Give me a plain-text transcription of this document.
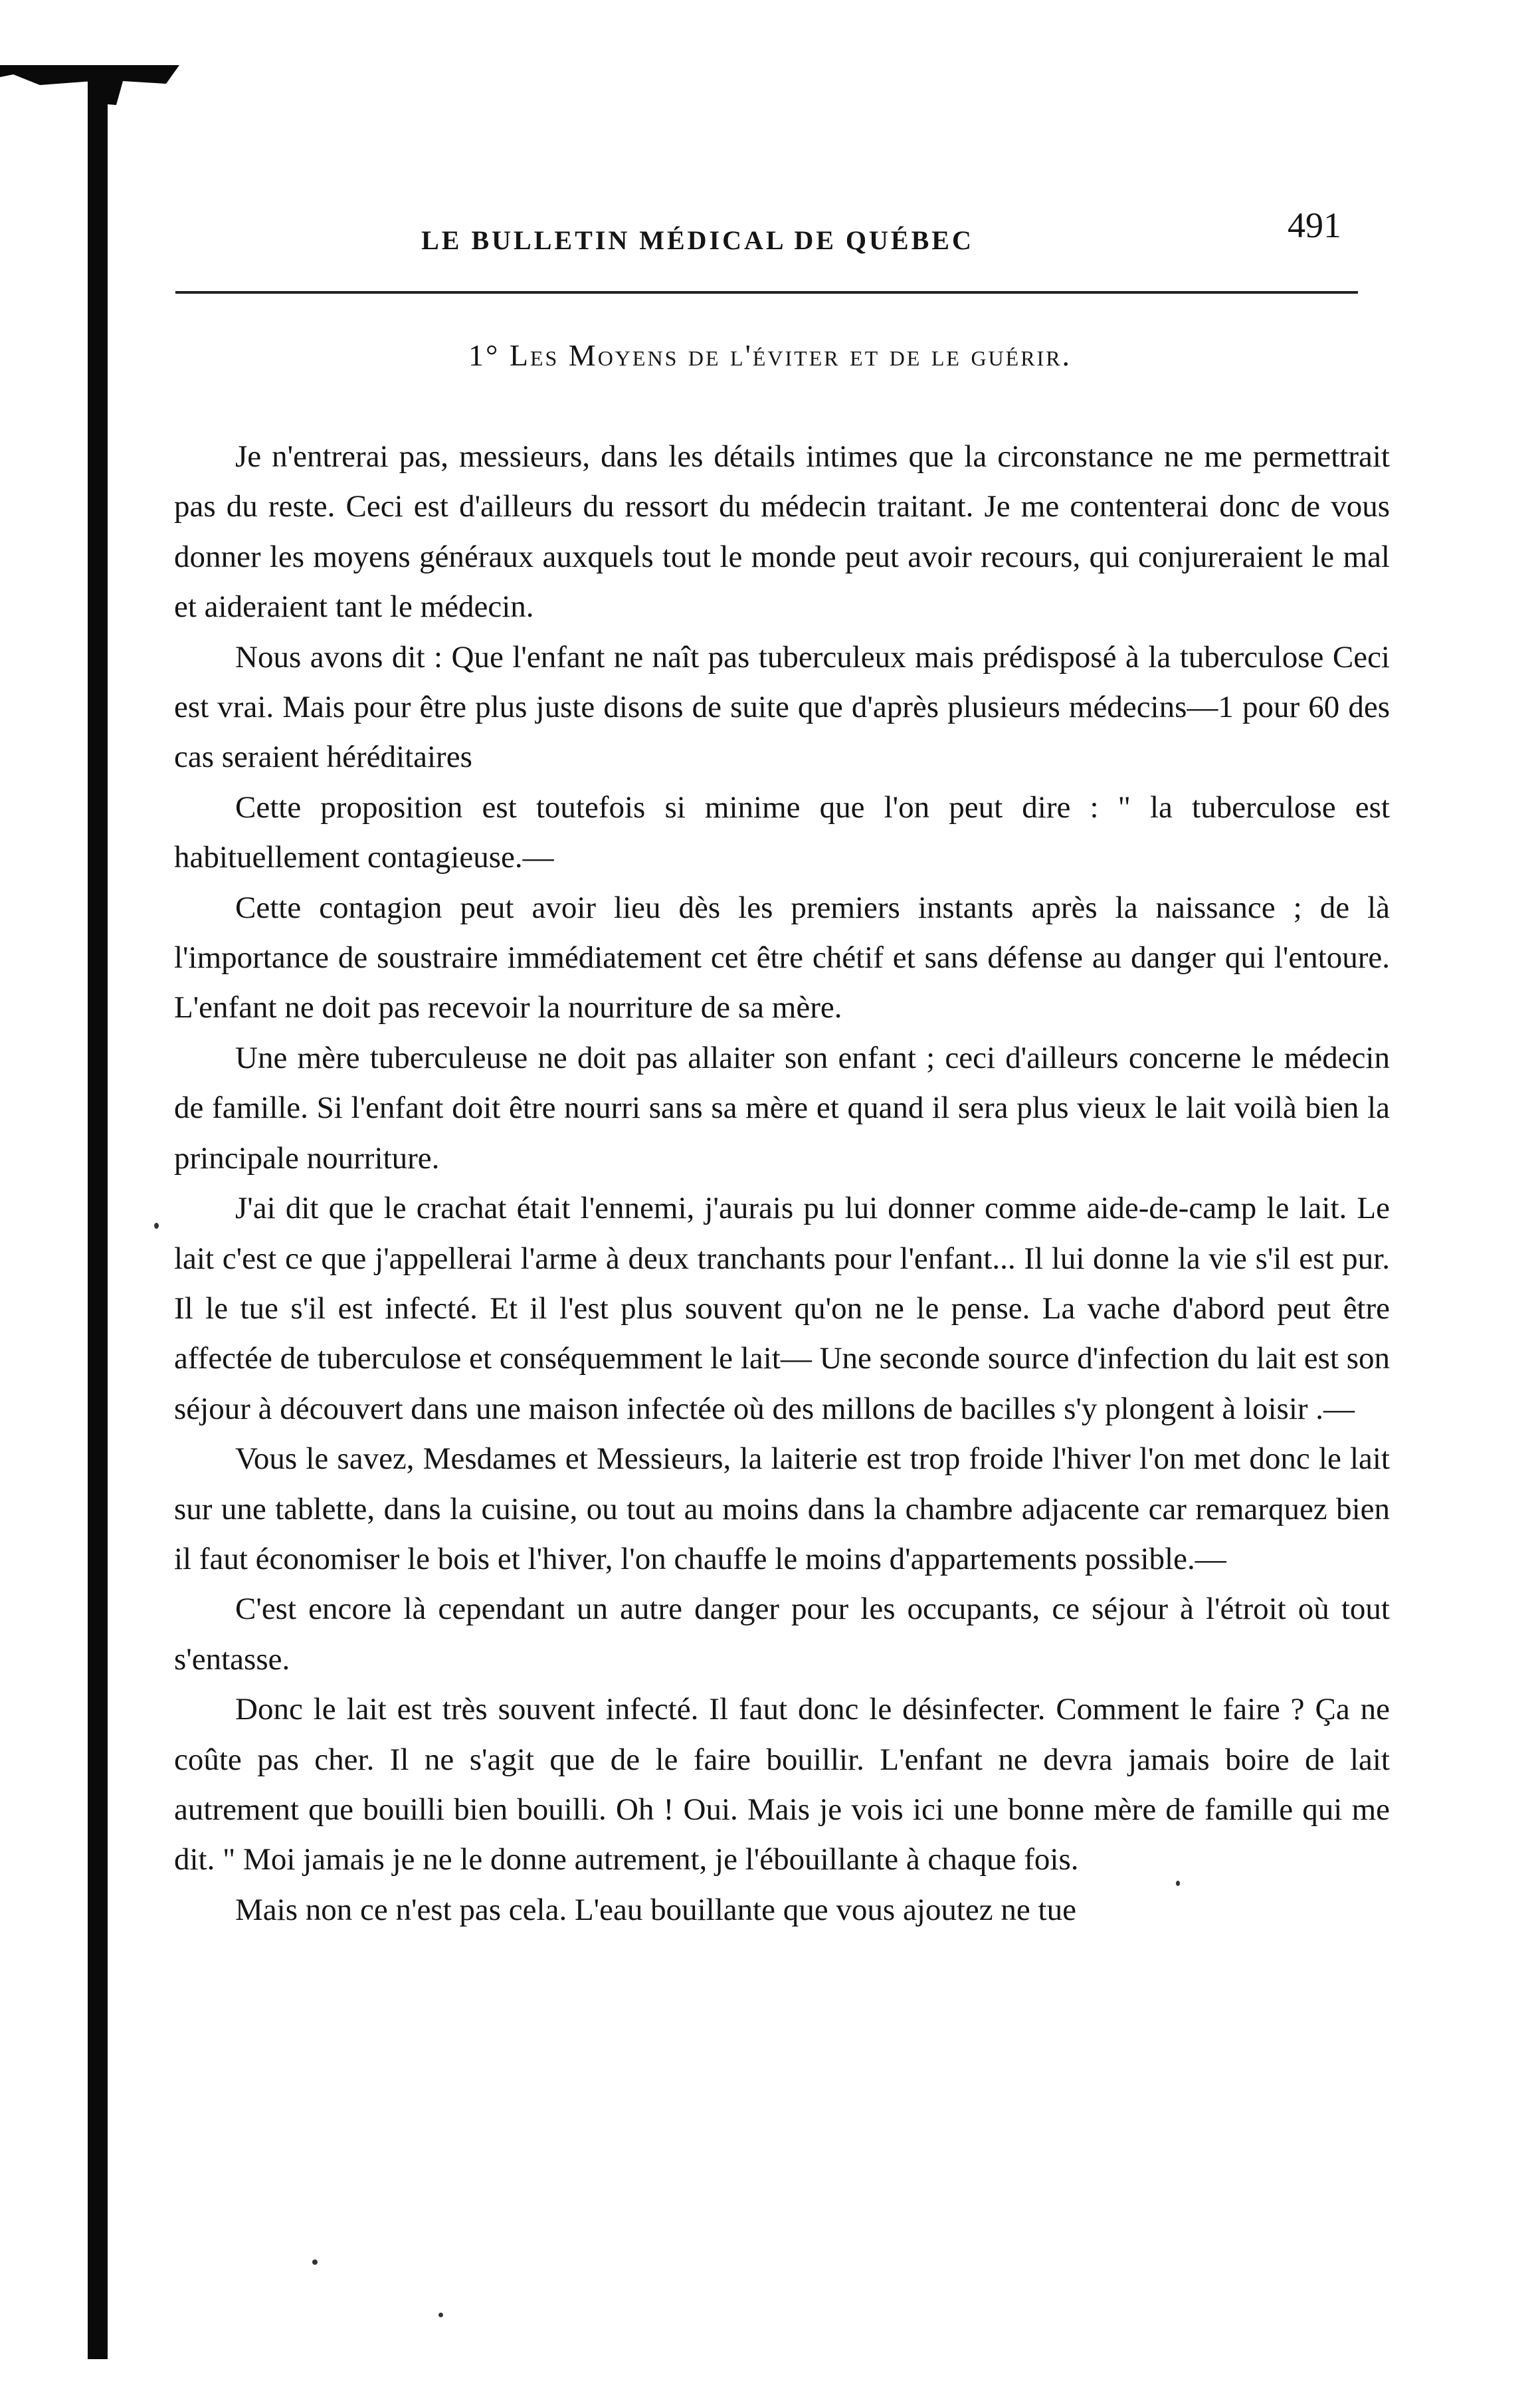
LE BULLETIN MÉDICAL DE QUÉBEC	491
1° Les Moyens de l'éviter et de le guérir.

Je n'entrerai pas, messieurs, dans les détails intimes que la circonstance ne me permettrait pas du reste. Ceci est d'ailleurs du ressort du médecin traitant. Je me contenterai donc de vous donner les moyens généraux auxquels tout le monde peut avoir recours, qui conjureraient le mal et aideraient tant le médecin.

Nous avons dit : Que l'enfant ne naît pas tuberculeux mais prédisposé à la tuberculose Ceci est vrai. Mais pour être plus juste disons de suite que d'après plusieurs médecins—1 pour 60 des cas seraient héréditaires

Cette proposition est toutefois si minime que l'on peut dire : " la tuberculose est habituellement contagieuse.—

Cette contagion peut avoir lieu dès les premiers instants après la naissance ; de là l'importance de soustraire immédiatement cet être chétif et sans défense au danger qui l'entoure. L'enfant ne doit pas recevoir la nourriture de sa mère.

Une mère tuberculeuse ne doit pas allaiter son enfant ; ceci d'ailleurs concerne le médecin de famille. Si l'enfant doit être nourri sans sa mère et quand il sera plus vieux le lait voilà bien la principale nourriture.

J'ai dit que le crachat était l'ennemi, j'aurais pu lui donner comme aide-de-camp le lait. Le lait c'est ce que j'appellerai l'arme à deux tranchants pour l'enfant... Il lui donne la vie s'il est pur. Il le tue s'il est infecté. Et il l'est plus souvent qu'on ne le pense. La vache d'abord peut être affectée de tuberculose et conséquemment le lait— Une seconde source d'infection du lait est son séjour à découvert dans une maison infectée où des millons de bacilles s'y plongent à loisir .—

Vous le savez, Mesdames et Messieurs, la laiterie est trop froide l'hiver l'on met donc le lait sur une tablette, dans la cuisine, ou tout au moins dans la chambre adjacente car remarquez bien il faut économiser le bois et l'hiver, l'on chauffe le moins d'appartements possible.—

C'est encore là cependant un autre danger pour les occupants, ce séjour à l'étroit où tout s'entasse.

Donc le lait est très souvent infecté. Il faut donc le désinfecter. Comment le faire ? Ça ne coûte pas cher. Il ne s'agit que de le faire bouillir. L'enfant ne devra jamais boire de lait autrement que bouilli bien bouilli. Oh ! Oui. Mais je vois ici une bonne mère de famille qui me dit. " Moi jamais je ne le donne autrement, je l'ébouillante à chaque fois.

Mais non ce n'est pas cela. L'eau bouillante que vous ajoutez ne tue
